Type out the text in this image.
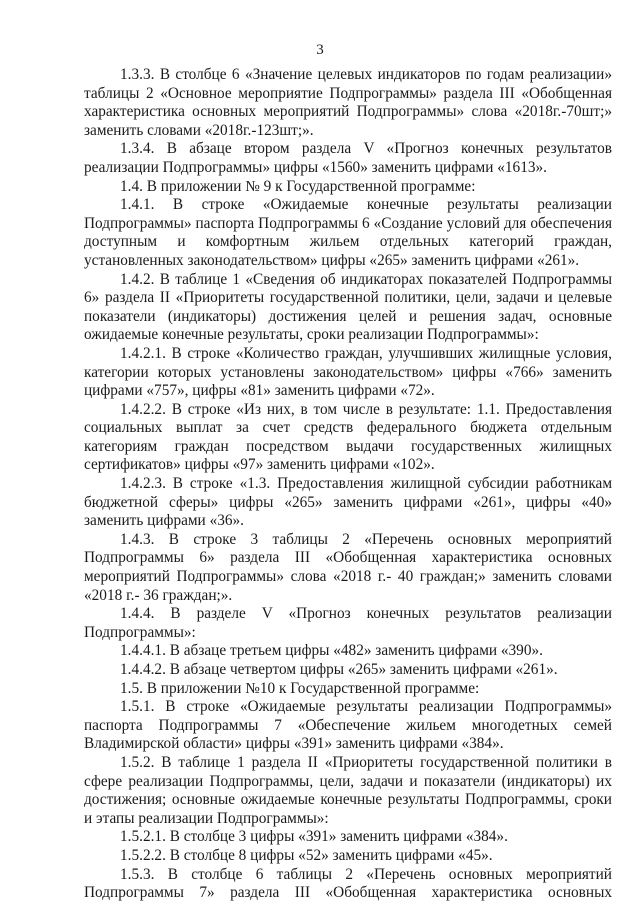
3

1.3.3. В столбце 6 «Значение целевых индикаторов по годам реализации» таблицы 2 «Основное мероприятие Подпрограммы» раздела III «Обобщенная характеристика основных мероприятий Подпрограммы» слова «2018г.-70шт;» заменить словами «2018г.-123шт;».

1.3.4. В абзаце втором раздела V «Прогноз конечных результатов реализации Подпрограммы» цифры «1560» заменить цифрами «1613».

1.4. В приложении № 9 к Государственной программе:

1.4.1. В строке «Ожидаемые конечные результаты реализации Подпрограммы» паспорта Подпрограммы 6 «Создание условий для обеспечения доступным и комфортным жильем отдельных категорий граждан, установленных законодательством» цифры «265» заменить цифрами «261».

1.4.2. В таблице 1 «Сведения об индикаторах показателей Подпрограммы 6» раздела II «Приоритеты государственной политики, цели, задачи и целевые показатели (индикаторы) достижения целей и решения задач, основные ожидаемые конечные результаты, сроки реализации Подпрограммы»:

1.4.2.1. В строке «Количество граждан, улучшивших жилищные условия, категории которых установлены законодательством» цифры «766» заменить цифрами «757», цифры «81» заменить цифрами «72».

1.4.2.2. В строке «Из них, в том числе в результате: 1.1. Предоставления социальных выплат за счет средств федерального бюджета отдельным категориям граждан посредством выдачи государственных жилищных сертификатов» цифры «97» заменить цифрами «102».

1.4.2.3. В строке «1.3. Предоставления жилищной субсидии работникам бюджетной сферы» цифры «265» заменить цифрами «261», цифры «40» заменить цифрами «36».

1.4.3. В строке 3 таблицы 2 «Перечень основных мероприятий Подпрограммы 6» раздела III «Обобщенная характеристика основных мероприятий Подпрограммы» слова «2018 г.- 40 граждан;» заменить словами «2018 г.- 36 граждан;».

1.4.4. В разделе V «Прогноз конечных результатов реализации Подпрограммы»:

1.4.4.1. В абзаце третьем цифры «482» заменить цифрами «390».

1.4.4.2. В абзаце четвертом цифры «265» заменить цифрами «261».

1.5. В приложении №10 к Государственной программе:

1.5.1. В строке «Ожидаемые результаты реализации Подпрограммы» паспорта Подпрограммы 7 «Обеспечение жильем многодетных семей Владимирской области» цифры «391» заменить цифрами «384».

1.5.2. В таблице 1 раздела II «Приоритеты государственной политики в сфере реализации Подпрограммы, цели, задачи и показатели (индикаторы) их достижения; основные ожидаемые конечные результаты Подпрограммы, сроки и этапы реализации Подпрограммы»:

1.5.2.1. В столбце 3 цифры «391» заменить цифрами «384».

1.5.2.2. В столбце 8 цифры «52» заменить цифрами «45».

1.5.3. В столбце 6 таблицы 2 «Перечень основных мероприятий Подпрограммы 7» раздела III «Обобщенная характеристика основных
